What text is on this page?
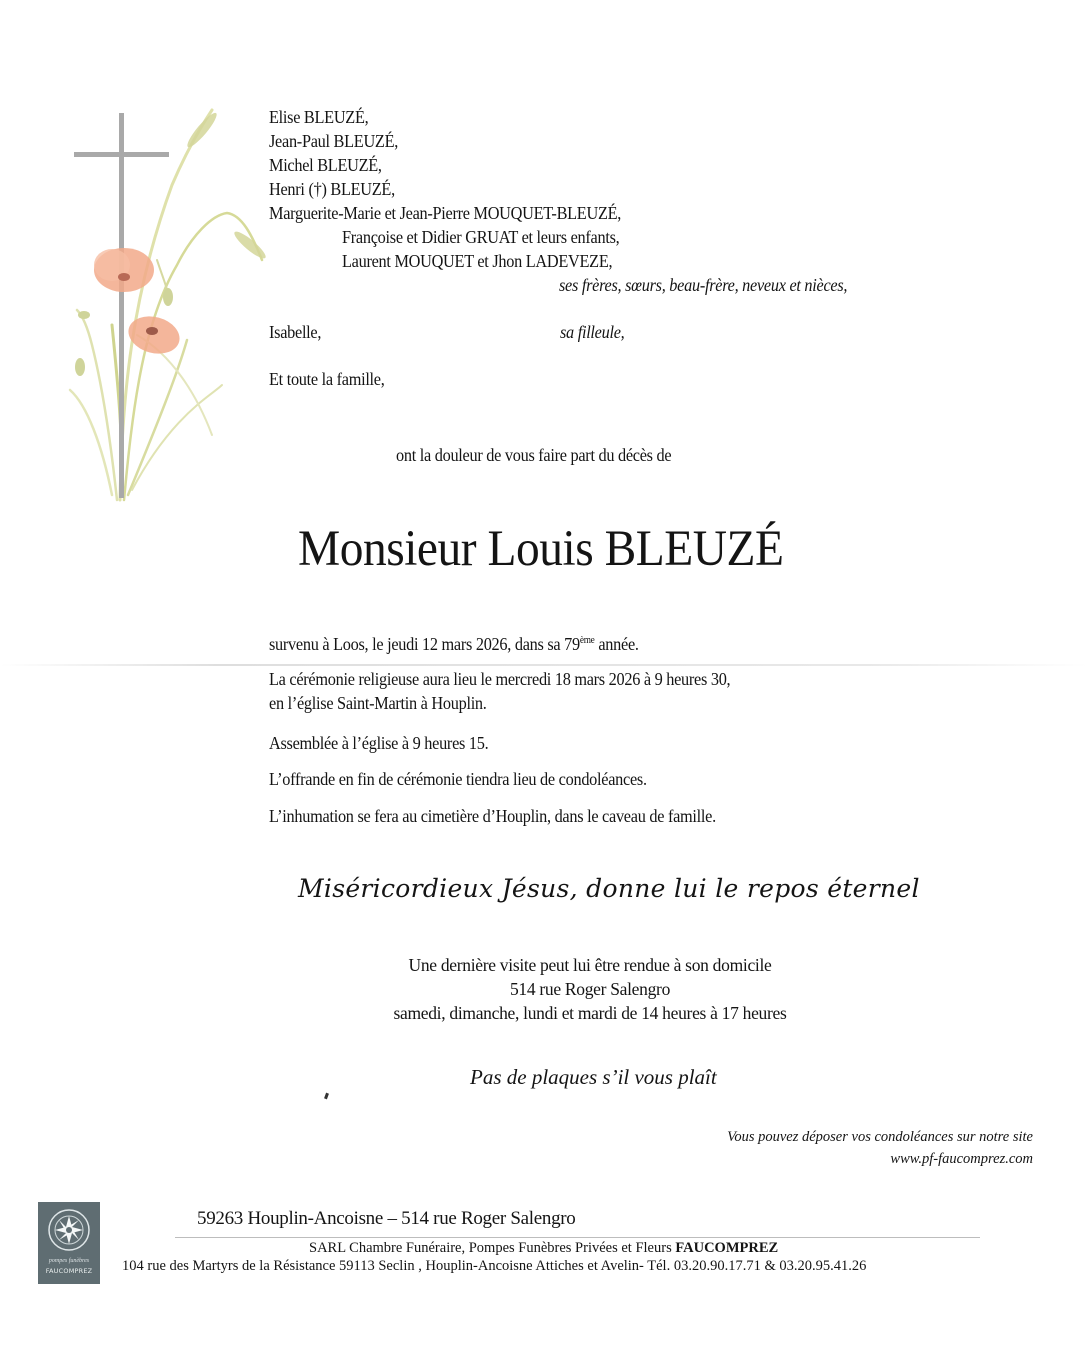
Elise BLEUZÉ,
Jean-Paul BLEUZÉ,
Michel BLEUZÉ,
Henri (†) BLEUZÉ,
Marguerite-Marie et Jean-Pierre MOUQUET-BLEUZÉ,
Françoise et Didier GRUAT et leurs enfants,
Laurent MOUQUET et Jhon LADEVEZE,
ses frères, sœurs, beau-frère, neveux et nièces,
Isabelle,	sa filleule,
Et toute la famille,
ont la douleur de vous faire part du décès de
Monsieur Louis BLEUZÉ
survenu à Loos, le jeudi 12 mars 2026, dans sa 79ème année.
La cérémonie religieuse aura lieu le mercredi 18 mars 2026 à 9 heures 30,
en l’église Saint-Martin à Houplin.
Assemblée à l’église à 9 heures 15.
L’offrande en fin de cérémonie tiendra lieu de condoléances.
L’inhumation se fera au cimetière d’Houplin, dans le caveau de famille.
Miséricordieux Jésus, donne lui le repos éternel
Une dernière visite peut lui être rendue à son domicile
514 rue Roger Salengro
samedi, dimanche, lundi et mardi de 14 heures à 17 heures
Pas de plaques s’il vous plaît
Vous pouvez déposer vos condoléances sur notre site
www.pf-faucomprez.com
pompes funèbres
FAUCOMPREZ
59263 Houplin-Ancoisne – 514 rue Roger Salengro
SARL Chambre Funéraire, Pompes Funèbres Privées et Fleurs FAUCOMPREZ
104 rue des Martyrs de la Résistance 59113 Seclin , Houplin-Ancoisne Attiches et Avelin- Tél. 03.20.90.17.71 & 03.20.95.41.26
